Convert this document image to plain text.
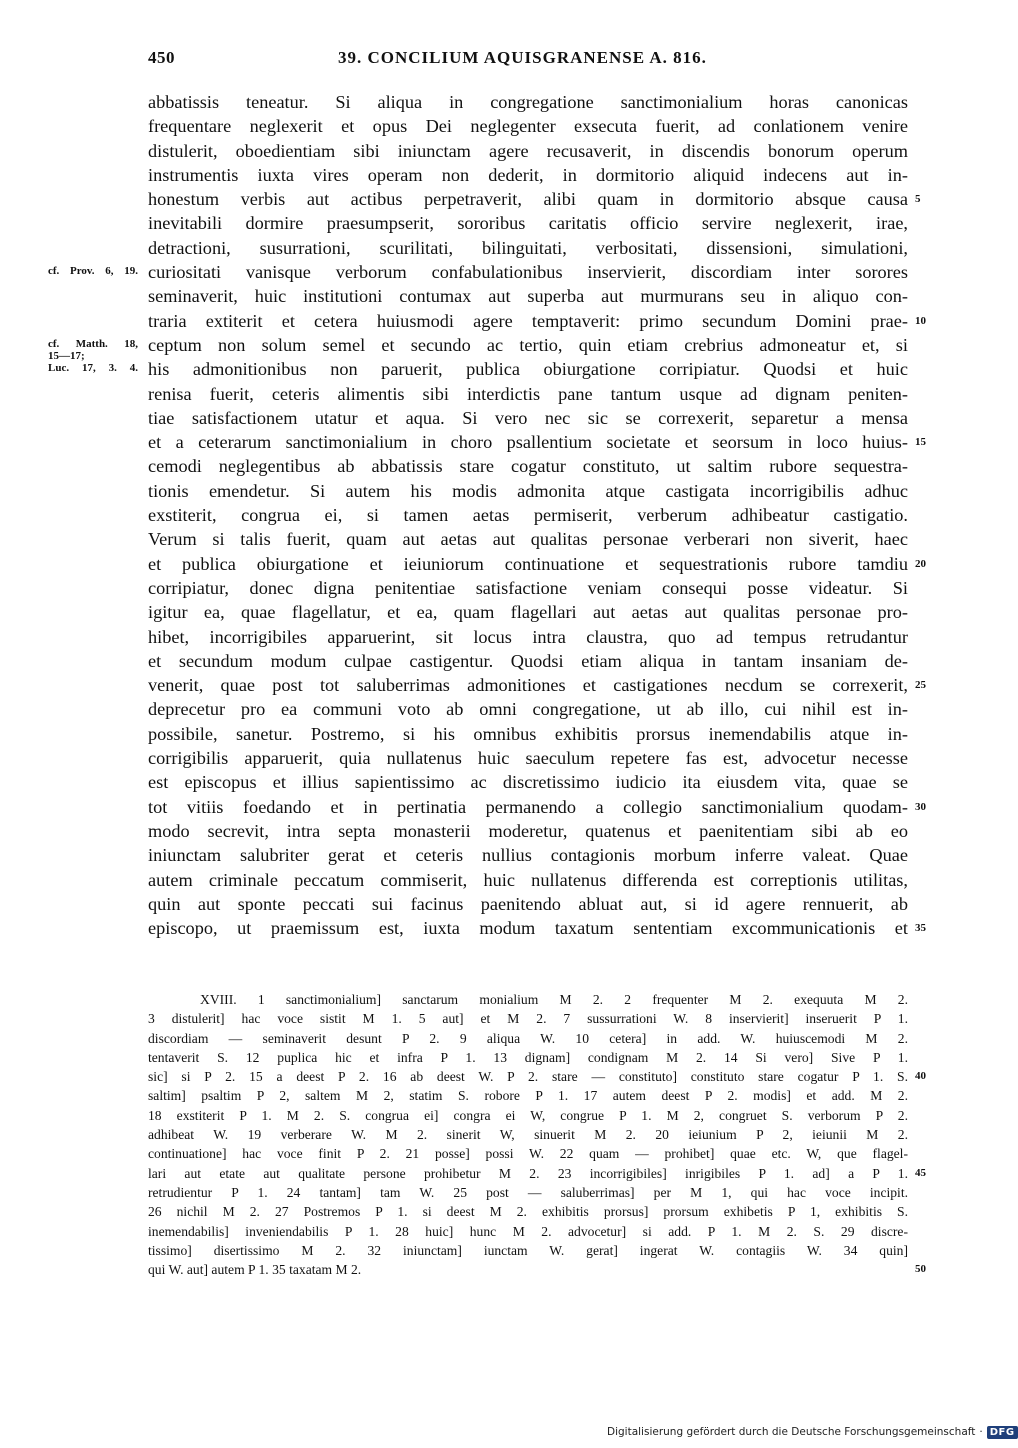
450	39. CONCILIUM AQUISGRANENSE A. 816.
abbatissis teneatur. Si aliqua in congregatione sanctimonialium horas canonicas
frequentare neglexerit et opus Dei neglegenter exsecuta fuerit, ad conlationem venire
distulerit, oboedientiam sibi iniunctam agere recusaverit, in discendis bonorum operum
instrumentis iuxta vires operam non dederit, in dormitorio aliquid indecens aut in-
honestum verbis aut actibus perpetraverit, alibi quam in dormitorio absque causa 5
inevitabili dormire praesumpserit, sororibus caritatis officio servire neglexerit, irae,
detractioni, susurrationi, scurilitati, bilinguitati, verbositati, dissensioni, simulationi,
cf. Prov. 6, 19. curiositati vanisque verborum confabulationibus inservierit, discordiam inter sorores
seminaverit, huic institutioni contumax aut superba aut murmurans seu in aliquo con-
traria extiterit et cetera huiusmodi agere temptaverit: primo secundum Domini prae- 10
cf. Matth. 18,
15—17;
ceptum non solum semel et secundo ac tertio, quin etiam crebrius admoneatur et, si
Luc. 17, 3. 4. his admonitionibus non paruerit, publica obiurgatione corripiatur. Quodsi et huic
renisa fuerit, ceteris alimentis sibi interdictis pane tantum usque ad dignam peniten-
tiae satisfactionem utatur et aqua. Si vero nec sic se correxerit, separetur a mensa
et a ceterarum sanctimonialium in choro psallentium societate et seorsum in loco huius- 15
cemodi neglegentibus ab abbatissis stare cogatur constituto, ut saltim rubore sequestra-
tionis emendetur. Si autem his modis admonita atque castigata incorrigibilis adhuc
exstiterit, congrua ei, si tamen aetas permiserit, verberum adhibeatur castigatio.
Verum si talis fuerit, quam aut aetas aut qualitas personae verberari non siverit, haec
et publica obiurgatione et ieiuniorum continuatione et sequestrationis rubore tamdiu 20
corripiatur, donec digna penitentiae satisfactione veniam consequi posse videatur. Si
igitur ea, quae flagellatur, et ea, quam flagellari aut aetas aut qualitas personae pro-
hibet, incorrigibiles apparuerint, sit locus intra claustra, quo ad tempus retrudantur
et secundum modum culpae castigentur. Quodsi etiam aliqua in tantam insaniam de-
venerit, quae post tot saluberrimas admonitiones et castigationes necdum se correxerit, 25
deprecetur pro ea communi voto ab omni congregatione, ut ab illo, cui nihil est in-
possibile, sanetur. Postremo, si his omnibus exhibitis prorsus inemendabilis atque in-
corrigibilis apparuerit, quia nullatenus huic saeculum repetere fas est, advocetur necesse
est episcopus et illius sapientissimo ac discretissimo iudicio ita eiusdem vita, quae se
tot vitiis foedando et in pertinatia permanendo a collegio sanctimonialium quodam- 30
modo secrevit, intra septa monasterii moderetur, quatenus et paenitentiam sibi ab eo
iniunctam salubriter gerat et ceteris nullius contagionis morbum inferre valeat. Quae
autem criminale peccatum commiserit, huic nullatenus differenda est correptionis utilitas,
quin aut sponte peccati sui facinus paenitendo abluat aut, si id agere rennuerit, ab
episcopo, ut praemissum est, iuxta modum taxatum sententiam excommunicationis et 35
XVIII. 1 sanctimonialium] sanctarum monialium M 2. 2 frequenter M 2. exequuta M 2.
3 distulerit] hac voce sistit M 1. 5 aut] et M 2. 7 sussurrationi W. 8 inservierit] inseruerit P 1.
discordiam — seminaverit desunt P 2. 9 aliqua W. 10 cetera] in add. W. huiuscemodi M 2.
tentaverit S. 12 puplica hic et infra P 1. 13 dignam] condignam M 2. 14 Si vero] Sive P 1.
sic] si P 2. 15 a deest P 2. 16 ab deest W. P 2. stare — constituto] constituto stare cogatur P 1. S. 40
saltim] psaltim P 2, saltem M 2, statim S. robore P 1. 17 autem deest P 2. modis] et add. M 2.
18 exstiterit P 1. M 2. S. congrua ei] congra ei W, congrue P 1. M 2, congruet S. verborum P 2.
adhibeat W. 19 verberare W. M 2. sinerit W, sinuerit M 2. 20 ieiunium P 2, ieiunii M 2.
continuatione] hac voce finit P 2. 21 posse] possi W. 22 quam — prohibet] quae etc. W, que flagel-
lari aut etate aut qualitate persone prohibetur M 2. 23 incorrigibiles] inrigibiles P 1. ad] a P 1. 45
retrudientur P 1. 24 tantam] tam W. 25 post — saluberrimas] per M 1, qui hac voce incipit.
26 nichil M 2. 27 Postremos P 1. si deest M 2. exhibitis prorsus] prorsum exhibetis P 1, exhibitis S.
inemendabilis] inveniendabilis P 1. 28 huic] hunc M 2. advocetur] si add. P 1. M 2. S. 29 discre-
tissimo] disertissimo M 2. 32 iniunctam] iunctam W. gerat] ingerat W. contagiis W. 34 quin]
qui W. aut] autem P 1. 35 taxatam M 2.	50
Digitalisierung gefördert durch die Deutsche Forschungsgemeinschaft · DFG
